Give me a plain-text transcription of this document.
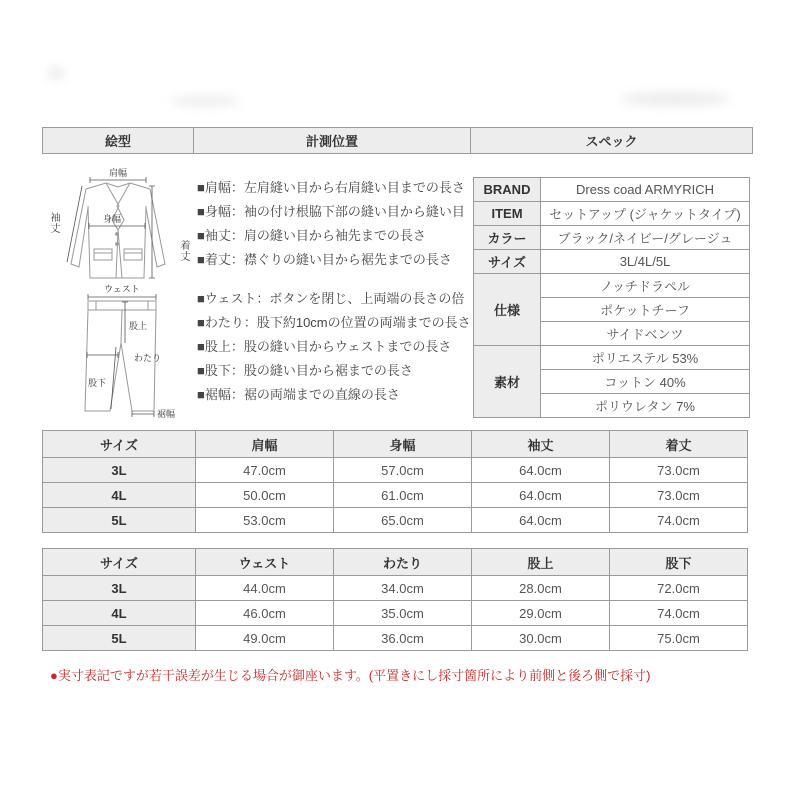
絵型	計測位置	スペック
肩幅
身幅
袖丈
着丈
ウェスト
股上
わたり
股下
裾幅
■肩幅：左肩縫い目から右肩縫い目までの長さ
■身幅：袖の付け根脇下部の縫い目から縫い目
■袖丈：肩の縫い目から袖先までの長さ
■着丈：襟ぐりの縫い目から裾先までの長さ
■ウェスト：ボタンを閉じ、上両端の長さの倍
■わたり：股下約10cmの位置の両端までの長さ
■股上：股の縫い目からウェストまでの長さ
■股下：股の縫い目から裾までの長さ
■裾幅：裾の両端までの直線の長さ
BRAND	Dress coad ARMYRICH
ITEM	セットアップ (ジャケットタイプ)
カラー	ブラック/ネイビー/グレージュ
サイズ	3L/4L/5L
仕様	ノッチドラペル
	ポケットチーフ
	サイドベンツ
素材	ポリエステル 53%
	コットン 40%
	ポリウレタン 7%
サイズ	肩幅	身幅	袖丈	着丈
3L	47.0cm	57.0cm	64.0cm	73.0cm
4L	50.0cm	61.0cm	64.0cm	73.0cm
5L	53.0cm	65.0cm	64.0cm	74.0cm
サイズ	ウェスト	わたり	股上	股下
3L	44.0cm	34.0cm	28.0cm	72.0cm
4L	46.0cm	35.0cm	29.0cm	74.0cm
5L	49.0cm	36.0cm	30.0cm	75.0cm
●実寸表記ですが若干誤差が生じる場合が御座います。(平置きにし採寸箇所により前側と後ろ側で採寸)
